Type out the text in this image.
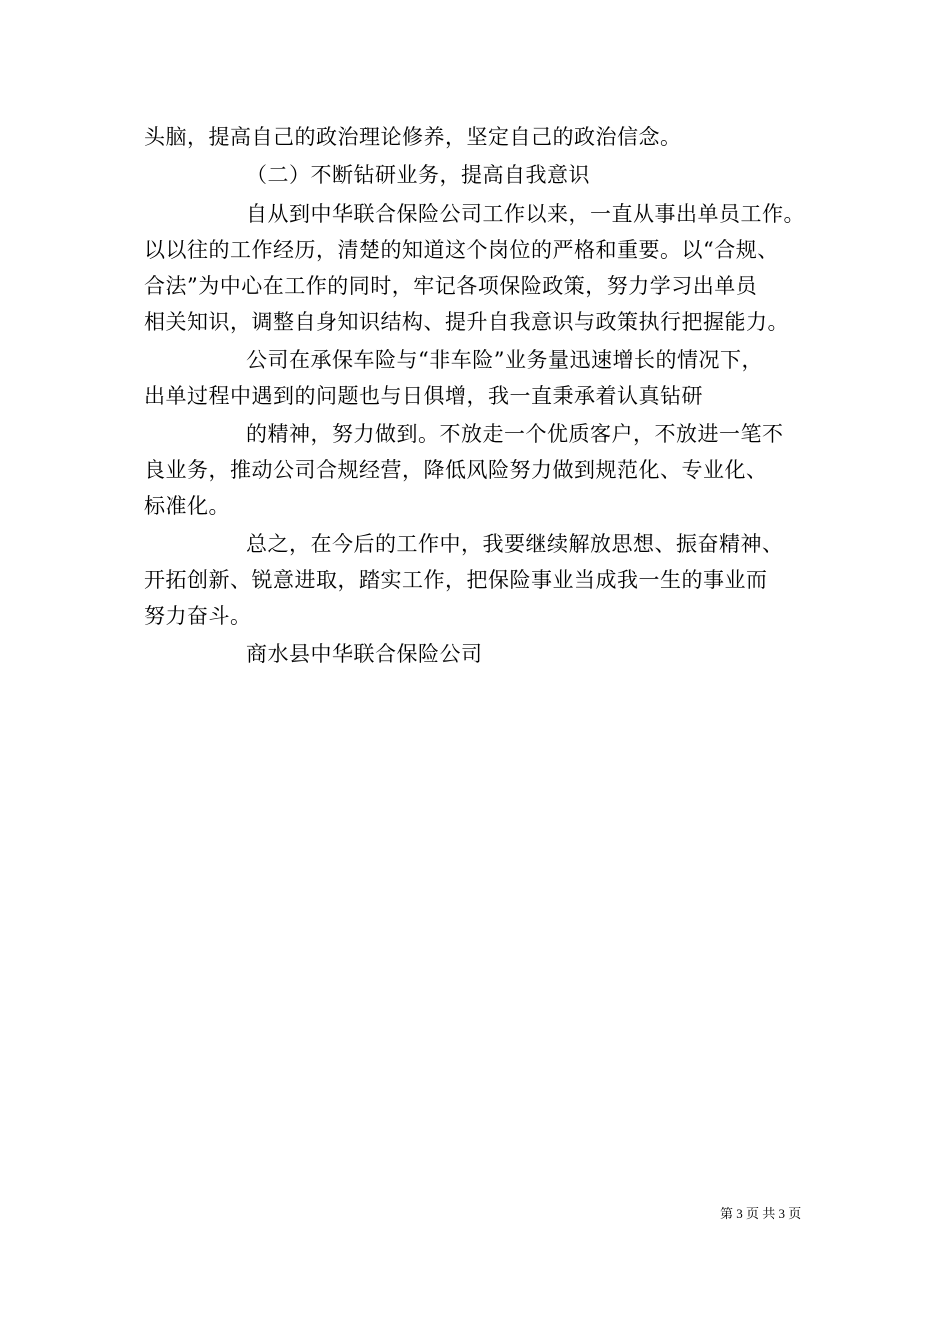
头脑，提高自己的政治理论修养，坚定自己的政治信念。
（二）不断钻研业务，提高自我意识
自从到中华联合保险公司工作以来，一直从事出单员工作。
以以往的工作经历，清楚的知道这个岗位的严格和重要。以“合规、
合法”为中心在工作的同时，牢记各项保险政策，努力学习出单员
相关知识，调整自身知识结构、提升自我意识与政策执行把握能力。
公司在承保车险与“非车险”业务量迅速增长的情况下，
出单过程中遇到的问题也与日俱增，我一直秉承着认真钻研
的精神，努力做到。不放走一个优质客户，不放进一笔不
良业务，推动公司合规经营，降低风险努力做到规范化、专业化、
标准化。
总之，在今后的工作中，我要继续解放思想、振奋精神、
开拓创新、锐意进取，踏实工作，把保险事业当成我一生的事业而
努力奋斗。
商水县中华联合保险公司
第 3 页 共 3 页
